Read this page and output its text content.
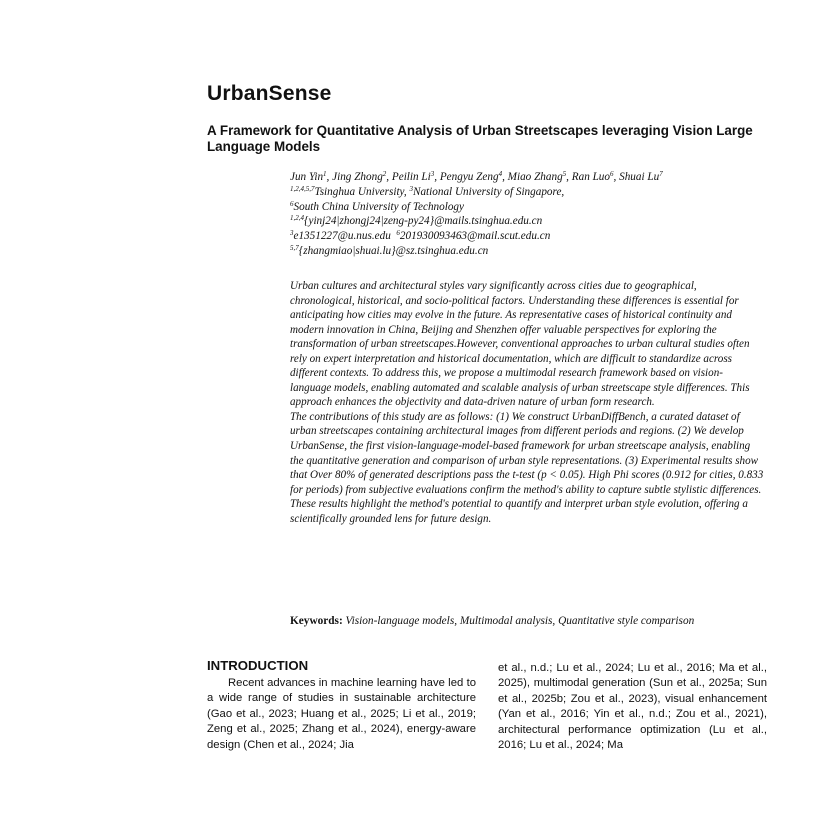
UrbanSense
A Framework for Quantitative Analysis of Urban Streetscapes leveraging Vision Large Language Models
Jun Yin$^1$, Jing Zhong$^2$, Peilin Li$^3$, Pengyu Zeng$^4$, Miao Zhang$^5$, Ran Luo$^6$, Shuai Lu$^7$
$^{1,2,4,5,7}$Tsinghua University, $^3$National University of Singapore,
$^6$South China University of Technology
$^{1,2,4}${yinj24|zhongj24|zeng-py24}@mails.tsinghua.edu.cn
$^3$e1351227@u.nus.edu $^6$201930093463@mail.scut.edu.cn
$^{5,7}${zhangmiao|shuai.lu}@sz.tsinghua.edu.cn

Urban cultures and architectural styles vary significantly across cities due to geographical, chronological, historical, and socio-political factors. Understanding these differences is essential for anticipating how cities may evolve in the future. As representative cases of historical continuity and modern innovation in China, Beijing and Shenzhen offer valuable perspectives for exploring the transformation of urban streetscapes.However, conventional approaches to urban cultural studies often rely on expert interpretation and historical documentation, which are difficult to standardize across different contexts. To address this, we propose a multimodal research framework based on vision-language models, enabling automated and scalable analysis of urban streetscape style differences. This approach enhances the objectivity and data-driven nature of urban form research.

The contributions of this study are as follows: (1) We construct UrbanDiffBench, a curated dataset of urban streetscapes containing architectural images from different periods and regions. (2) We develop UrbanSense, the first vision-language-model-based framework for urban streetscape analysis, enabling the quantitative generation and comparison of urban style representations. (3) Experimental results show that Over 80% of generated descriptions pass the t-test (p < 0.05). High Phi scores (0.912 for cities, 0.833 for periods) from subjective evaluations confirm the method's ability to capture subtle stylistic differences.

These results highlight the method's potential to quantify and interpret urban style evolution, offering a scientifically grounded lens for future design.

Keywords: Vision-language models, Multimodal analysis, Quantitative style comparison
INTRODUCTION
Recent advances in machine learning have led to a wide range of studies in sustainable architecture (Gao et al., 2023; Huang et al., 2025; Li et al., 2019; Zeng et al., 2025; Zhang et al., 2024), energy-aware design (Chen et al., 2024; Jia
et al., n.d.; Lu et al., 2024; Lu et al., 2016; Ma et al., 2025), multimodal generation (Sun et al., 2025a; Sun et al., 2025b; Zou et al., 2023), visual enhancement (Yan et al., 2016; Yin et al., n.d.; Zou et al., 2021), architectural performance optimization (Lu et al., 2016; Lu et al., 2024; Ma
